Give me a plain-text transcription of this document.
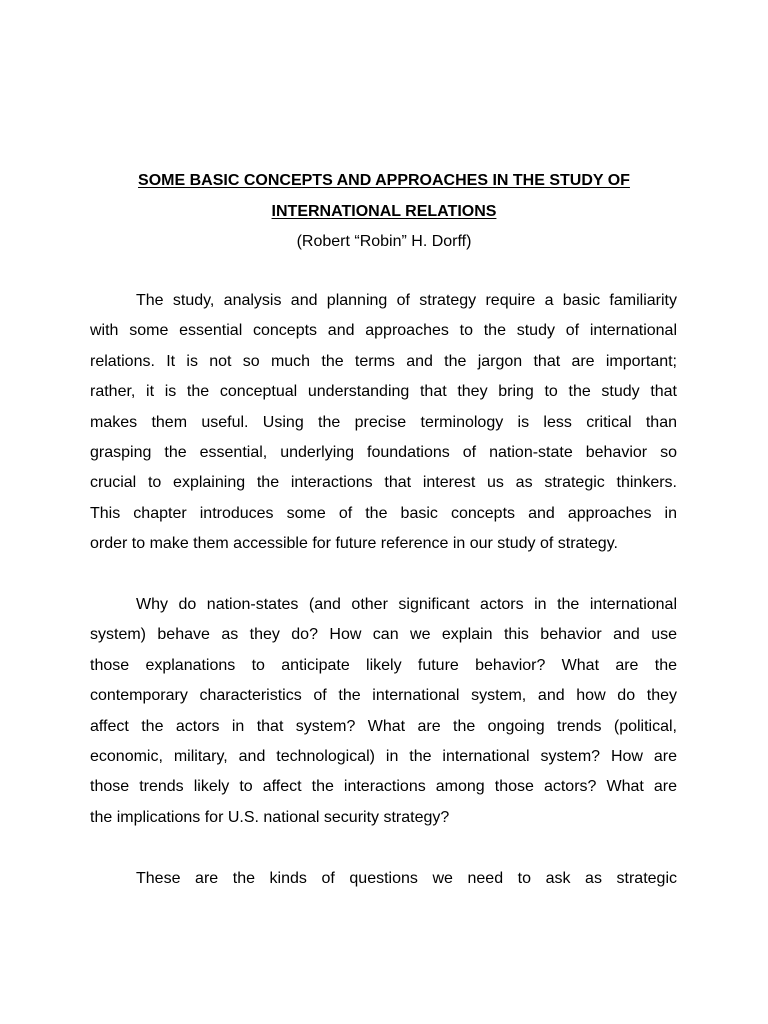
SOME BASIC CONCEPTS AND APPROACHES IN THE STUDY OF
INTERNATIONAL RELATIONS
(Robert “Robin” H. Dorff)
The study, analysis and planning of strategy require a basic familiarity
with some essential concepts and approaches to the study of international
relations. It is not so much the terms and the jargon that are important;
rather, it is the conceptual understanding that they bring to the study that
makes them useful. Using the precise terminology is less critical than
grasping the essential, underlying foundations of nation-state behavior so
crucial to explaining the interactions that interest us as strategic thinkers.
This chapter introduces some of the basic concepts and approaches in
order to make them accessible for future reference in our study of strategy.
Why do nation-states (and other significant actors in the international
system) behave as they do? How can we explain this behavior and use
those explanations to anticipate likely future behavior? What are the
contemporary characteristics of the international system, and how do they
affect the actors in that system? What are the ongoing trends (political,
economic, military, and technological) in the international system? How are
those trends likely to affect the interactions among those actors? What are
the implications for U.S. national security strategy?
These are the kinds of questions we need to ask as strategic
